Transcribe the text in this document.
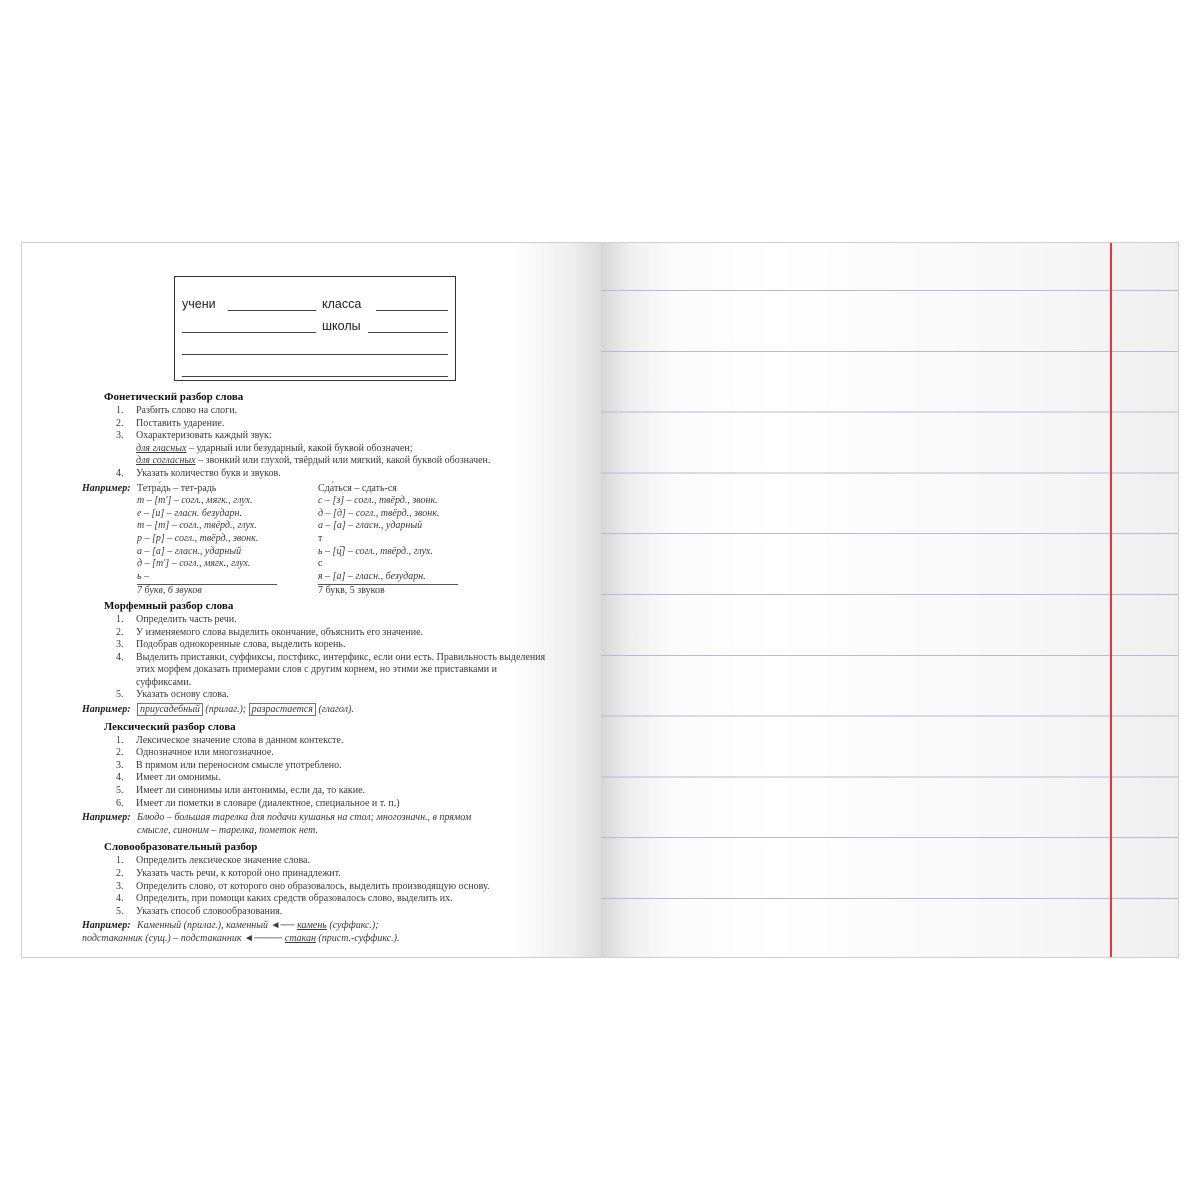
учени	класса
школы
Фонетический разбор слова
1. Разбить слово на слоги.
2. Поставить ударение.
3. Охарактеризовать каждый звук:
для гласных – ударный или безударный, какой буквой обозначен;
для согласных – звонкий или глухой, твёрдый или мягкий, какой буквой обозначен.
4. Указать количество букв и звуков.
Например: Тетра́дь – тет-радь
т – [т'] – согл., мягк., глух.
е – [и] – гласн. безударн.
т – [т] – согл., твёрд., глух.
р – [р] – согл., твёрд., звонк.
а – [а] – гласн., ударный
д – [т'] – согл., мягк., глух.
ь –
7 букв, 6 звуков
Сда́ться – сдать-ся
с – [з] – согл., твёрд., звонк.
д – [д] – согл., твёрд., звонк.
а – [а] – гласн., ударный
т
ь – [ц̅] – согл., твёрд., глух.
с
я – [а] – гласн., безударн.
7 букв, 5 звуков
Морфемный разбор слова
1. Определить часть речи.
2. У изменяемого слова выделить окончание, объяснить его значение.
3. Подобрав однокоренные слова, выделить корень.
4. Выделить приставки, суффиксы, постфикс, интерфикс, если они есть. Правильность выделения этих морфем доказать примерами слов с другим корнем, но этими же приставками и суффиксами.
5. Указать основу слова.
Например: приусадебный (прилаг.); разрастается (глагол).
Лексический разбор слова
1. Лексическое значение слова в данном контексте.
2. Однозначное или многозначное.
3. В прямом или переносном смысле употреблено.
4. Имеет ли омонимы.
5. Имеет ли синонимы или антонимы, если да, то какие.
6. Имеет ли пометки в словаре (диалектное, специальное и т. п.)
Например: Блюдо – большая тарелка для подачи кушанья на стол; многозначн., в прямом смысле, синоним – тарелка, пометок нет.
Словообразовательный разбор
1. Определить лексическое значение слова.
2. Указать часть речи, к которой оно принадлежит.
3. Определить слово, от которого оно образовалось, выделить производящую основу.
4. Определить, при помощи каких средств образовалось слово, выделить их.
5. Указать способ словообразования.
Например: Каменный (прилаг.), каменный ◄── камень (суффикс.);
подстаканник (сущ.) – подстаканник ◄──── стакан (прист.-суффикс.).
